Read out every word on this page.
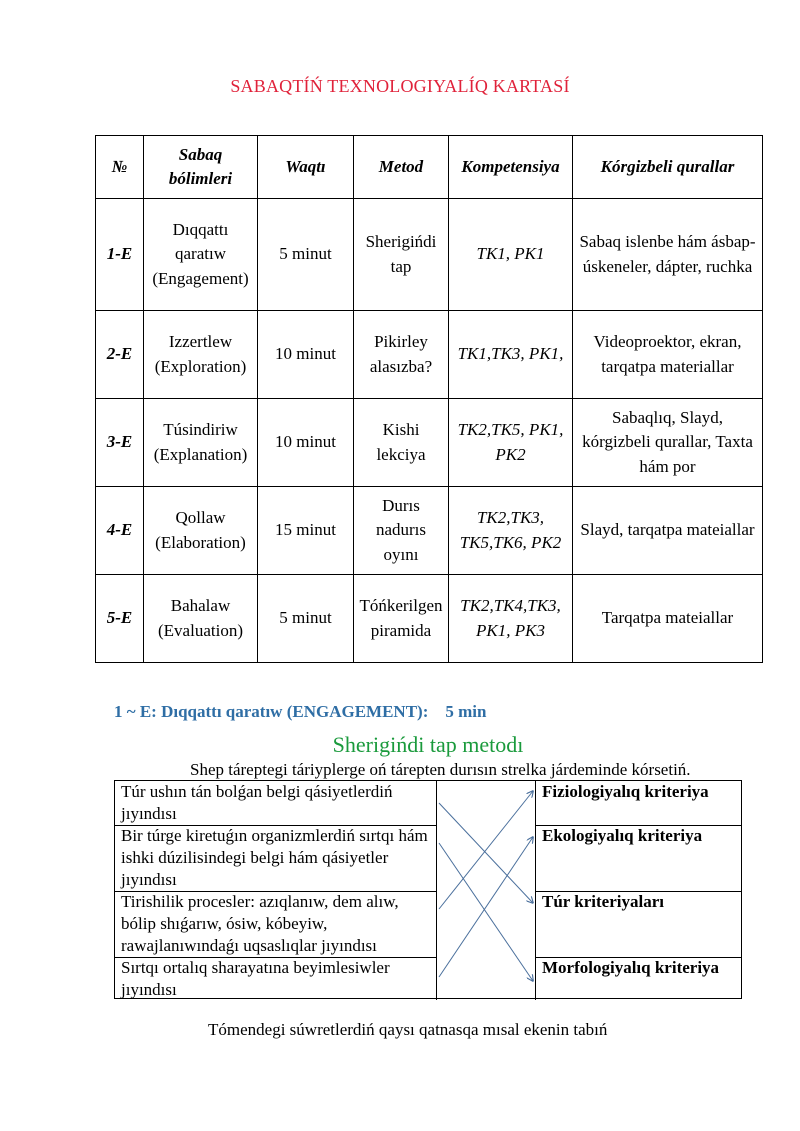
SABAQTÍŃ TEXNOLOGIYALÍQ KARTASÍ
№	Sabaq bólimleri	Waqtı	Metod	Kompetensiya	Kórgizbeli qurallar
1-E	Dıqqattı qaratıw (Engagement)	5 minut	Sherigińdi tap	TK1, PK1	Sabaq islenbe hám ásbap-úskeneler, dápter, ruchka
2-E	Izzertlew (Exploration)	10 minut	Pikirley alasızba?	TK1,TK3, PK1,	Videoproektor, ekran, tarqatpa materiallar
3-E	Túsindiriw (Explanation)	10 minut	Kishi lekciya	TK2,TK5, PK1, PK2	Sabaqlıq, Slayd, kórgizbeli qurallar, Taxta hám por
4-E	Qollaw (Elaboration)	15 minut	Durıs nadurıs oyını	TK2,TK3, TK5,TK6, PK2	Slayd, tarqatpa mateiallar
5-E	Bahalaw (Evaluation)	5 minut	Tóńkerilgen piramida	TK2,TK4,TK3, PK1, PK3	Tarqatpa mateiallar
1 ~ E: Dıqqattı qaratıw (ENGAGEMENT):    5 min
Sherigińdi tap metodı
Shep tárepte​gi táriyplerge oń tárepten durısın strelka járdeminde kórsetiń.
Túr ushın tán bolǵan belgi qásiyetlerdiń jıyındısı
Bir túrge kiretuǵın organizmlerdiń sırtqı hám ishki dúzilisindegi belgi hám qásiyetler jıyındısı
Tirishilik procesler: azıqlanıw, dem alıw, bólip shıǵarıw, ósiw, kóbeyiw, rawajlanıwındaǵı uqsaslıqlar jıyındısı
Sırtqı ortalıq sharayatına beyimlesiwler jıyındısı
Fiziologiyalıq kriteriya
Ekologiyalıq kriteriya
Túr kriteriyaları
Morfologiyalıq kriteriya
Tómendegi súwretlerdiń qaysı qatnasqa mısal ekenin tabıń
